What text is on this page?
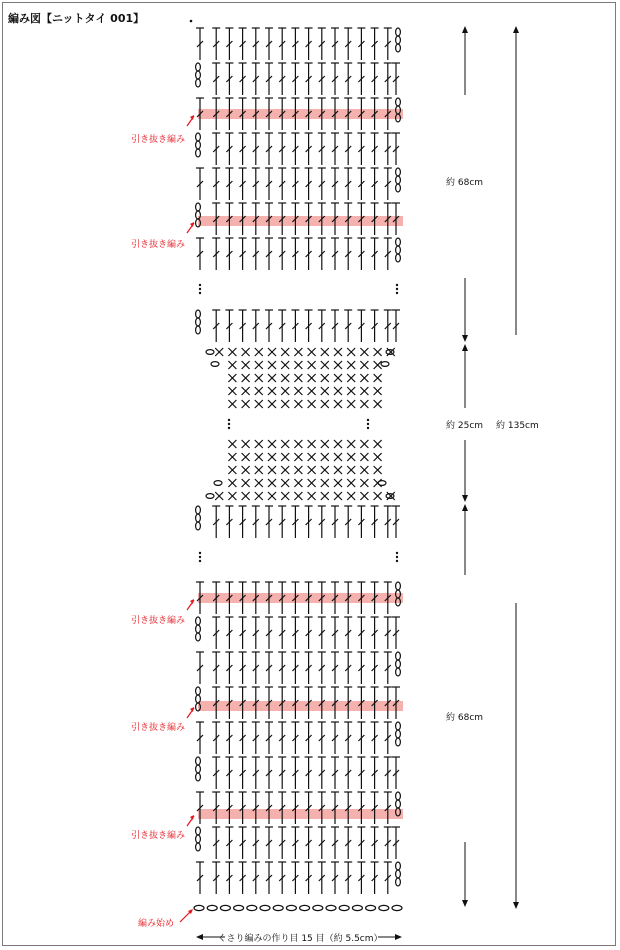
編み図【ニットタイ 001】
引き抜き編み
引き抜き編み
引き抜き編み
引き抜き編み
引き抜き編み
編み始め
約 68cm
約 25cm 約 135cm
約 68cm
くさり編みの作り目 15 目（約 5.5cm）
